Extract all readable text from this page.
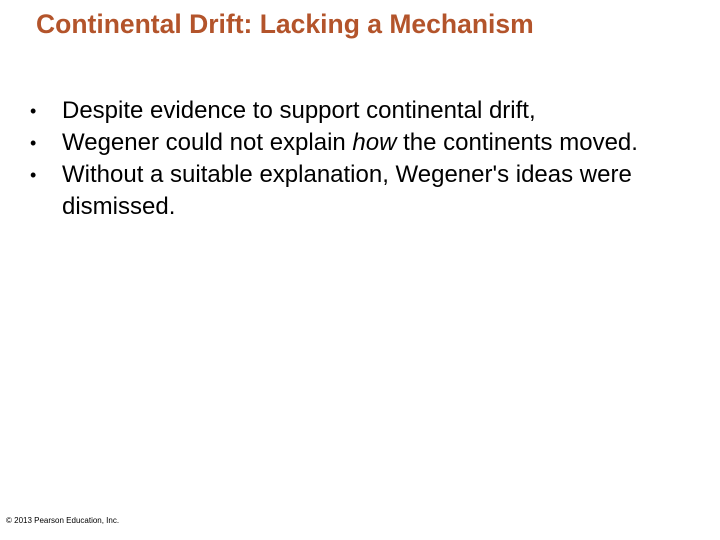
Continental Drift: Lacking a Mechanism
• Despite evidence to support continental drift,
• Wegener could not explain how the continents moved.
• Without a suitable explanation, Wegener's ideas were dismissed.
© 2013 Pearson Education, Inc.
